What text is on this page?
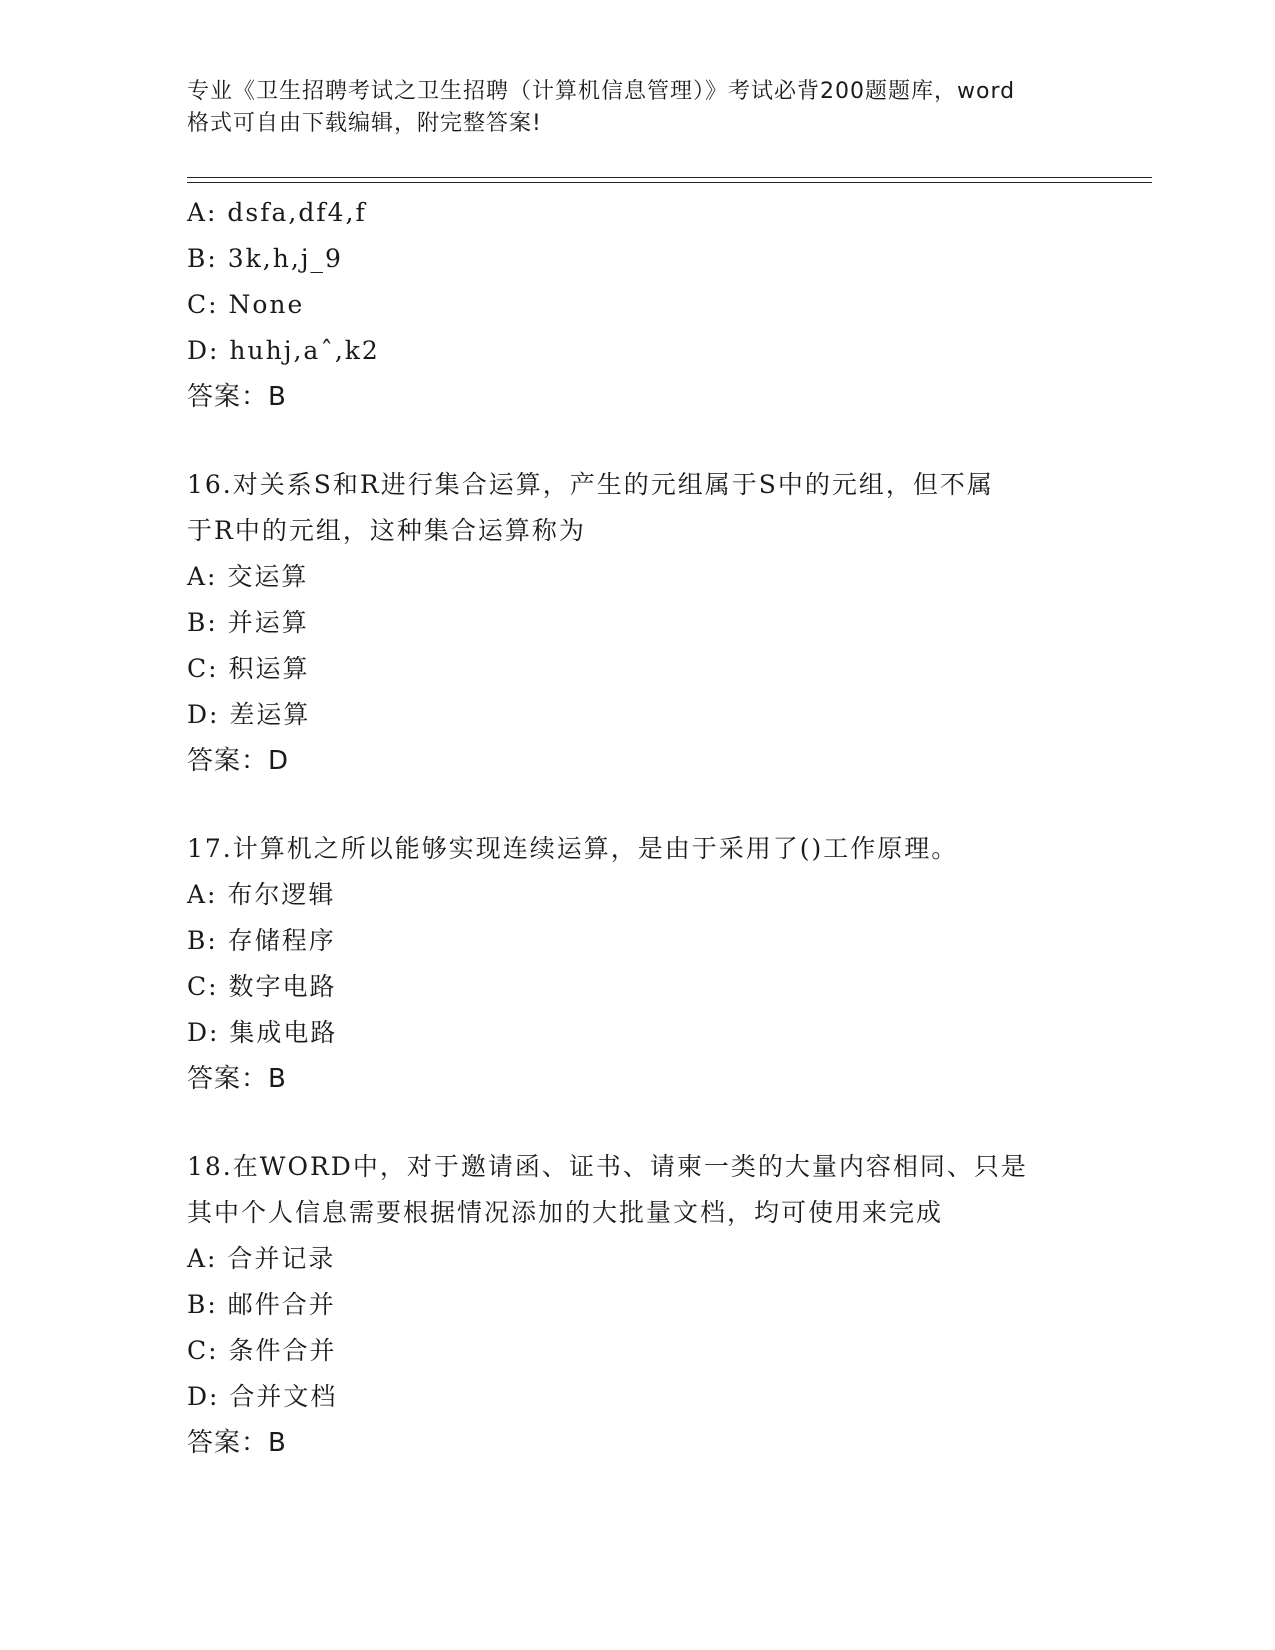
专业《卫生招聘考试之卫生招聘（计算机信息管理）》考试必背200题题库，word
格式可自由下载编辑，附完整答案!
A: dsfa,df4,f
B: 3k,h,j_9
C: None
D: huhj,aˆ,k2
答案：B
16.对关系S和R进行集合运算，产生的元组属于S中的元组，但不属
于R中的元组，这种集合运算称为
A: 交运算
B: 并运算
C: 积运算
D: 差运算
答案：D
17.计算机之所以能够实现连续运算，是由于采用了()工作原理。
A: 布尔逻辑
B: 存储程序
C: 数字电路
D: 集成电路
答案：B
18.在WORD中，对于邀请函、证书、请柬一类的大量内容相同、只是
其中个人信息需要根据情况添加的大批量文档，均可使用来完成
A: 合并记录
B: 邮件合并
C: 条件合并
D: 合并文档
答案：B
